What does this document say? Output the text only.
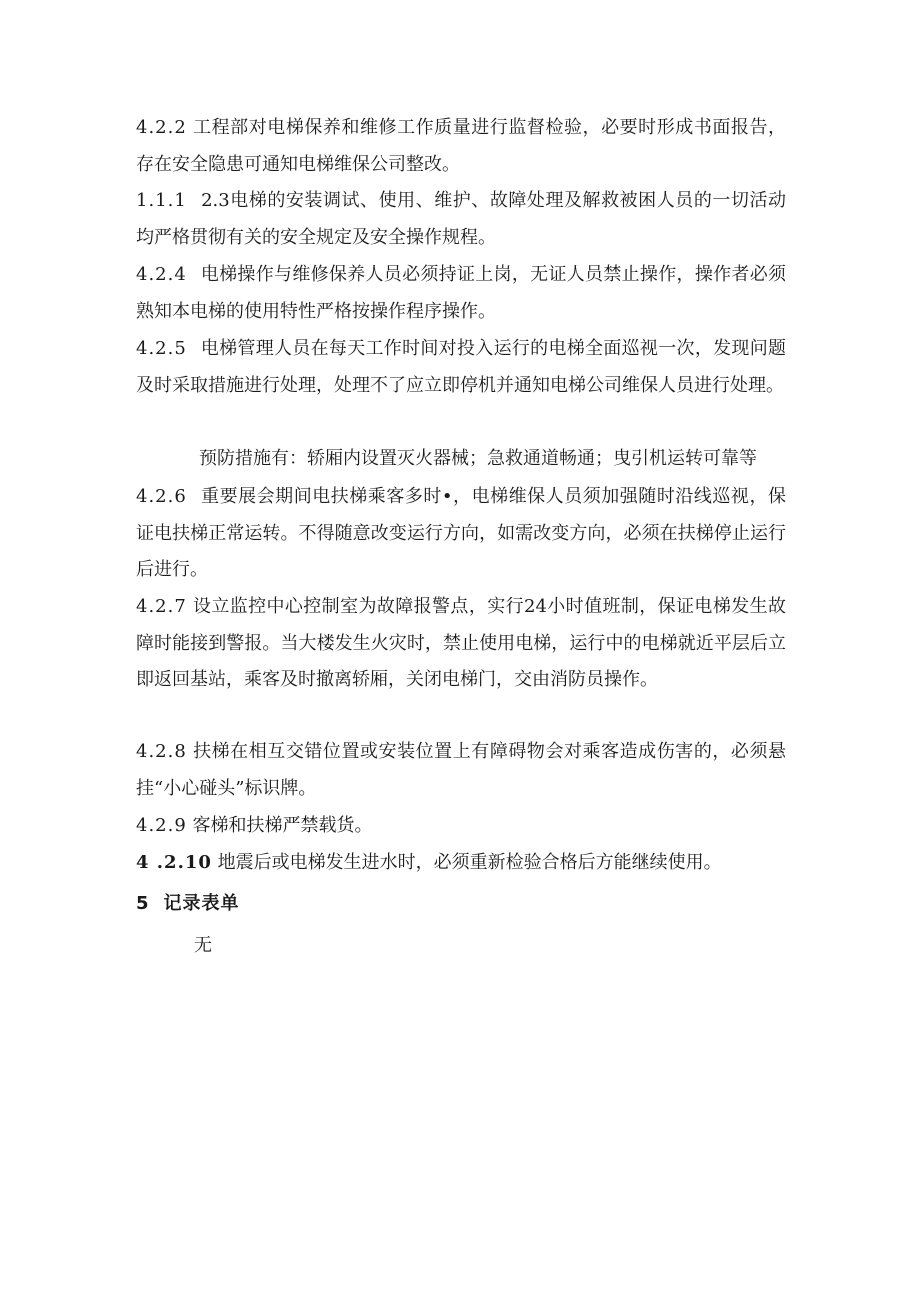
4.2.2 工程部对电梯保养和维修工作质量进行监督检验，必要时形成书面报告，存在安全隐患可通知电梯维保公司整改。
1.1.1 2.3电梯的安装调试、使用、维护、故障处理及解救被困人员的一切活动均严格贯彻有关的安全规定及安全操作规程。
4.2.4 电梯操作与维修保养人员必须持证上岗，无证人员禁止操作，操作者必须熟知本电梯的使用特性严格按操作程序操作。
4.2.5 电梯管理人员在每天工作时间对投入运行的电梯全面巡视一次，发现问题及时采取措施进行处理，处理不了应立即停机并通知电梯公司维保人员进行处理。
预防措施有：轿厢内设置灭火器械；急救通道畅通；曳引机运转可靠等
4.2.6 重要展会期间电扶梯乘客多时•，电梯维保人员须加强随时沿线巡视，保证电扶梯正常运转。不得随意改变运行方向，如需改变方向，必须在扶梯停止运行后进行。
4.2.7 设立监控中心控制室为故障报警点，实行24小时值班制，保证电梯发生故障时能接到警报。当大楼发生火灾时，禁止使用电梯，运行中的电梯就近平层后立即返回基站，乘客及时撤离轿厢，关闭电梯门，交由消防员操作。
4.2.8 扶梯在相互交错位置或安装位置上有障碍物会对乘客造成伤害的，必须悬挂“小心碰头”标识牌。
4.2.9 客梯和扶梯严禁载货。
4 .2.10 地震后或电梯发生进水时，必须重新检验合格后方能继续使用。
5 记录表单
无
